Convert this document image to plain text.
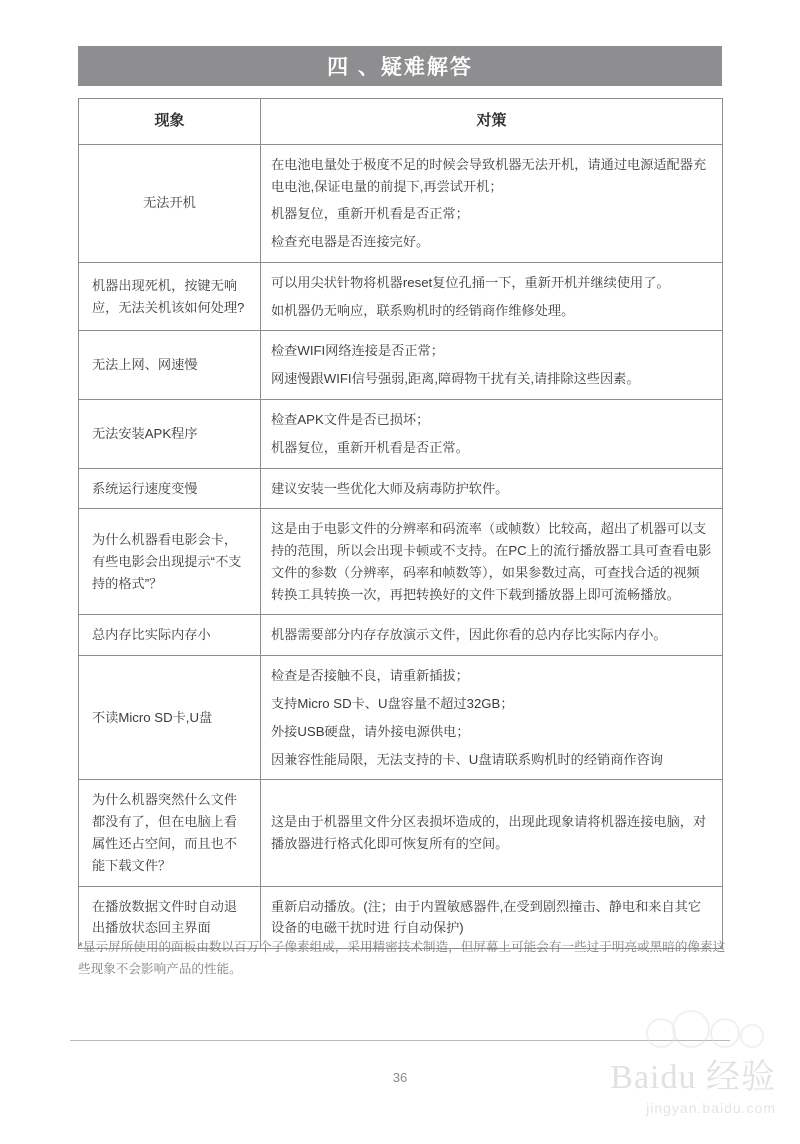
四 、疑难解答
现象	对策

无法开机	在电池电量处于极度不足的时候会导致机器无法开机，请通过电源适配器充电电池,保证电量的前提下,再尝试开机；

机器复位，重新开机看是否正常；

检查充电器是否连接完好。

机器出现死机，按键无响应，无法关机该如何处理?	可以用尖状针物将机器reset复位孔捅一下，重新开机并继续使用了。

如机器仍无响应，联系购机时的经销商作维修处理。

无法上网、网速慢	检查WIFI网络连接是否正常；

网速慢跟WIFI信号强弱,距离,障碍物干扰有关,请排除这些因素。

无法安装APK程序	检查APK文件是否已损坏；

机器复位，重新开机看是否正常。

系统运行速度变慢	建议安装一些优化大师及病毒防护软件。

为什么机器看电影会卡，有些电影会出现提示“不支持的格式”？	这是由于电影文件的分辨率和码流率（或帧数）比较高，超出了机器可以支持的范围，所以会出现卡顿或不支持。在PC上的流行播放器工具可查看电影文件的参数（分辨率，码率和帧数等），如果参数过高，可查找合适的视频转换工具转换一次，再把转换好的文件下载到播放器上即可流畅播放。

总内存比实际内存小	机器需要部分内存存放演示文件，因此你看的总内存比实际内存小。

不读Micro SD卡,U盘	检查是否接触不良，请重新插拔；

支持Micro SD卡、U盘容量不超过32GB；

外接USB硬盘，请外接电源供电；

因兼容性能局限，无法支持的卡、U盘请联系购机时的经销商作咨询

为什么机器突然什么文件都没有了，但在电脑上看属性还占空间，而且也不能下载文件？	这是由于机器里文件分区表损坏造成的，出现此现象请将机器连接电脑，对播放器进行格式化即可恢复所有的空间。

在播放数据文件时自动退出播放状态回主界面	重新启动播放。(注；由于内置敏感器件,在受到剧烈撞击、静电和来自其它设备的电磁干扰时进 行自动保护)

*显示屏所使用的面板由数以百万个子像素组成，采用精密技术制造，但屏幕上可能会有一些过于明亮或黑暗的像素这些现象不会影响产品的性能。
36	Baidu 经验
jingyan.baidu.com
